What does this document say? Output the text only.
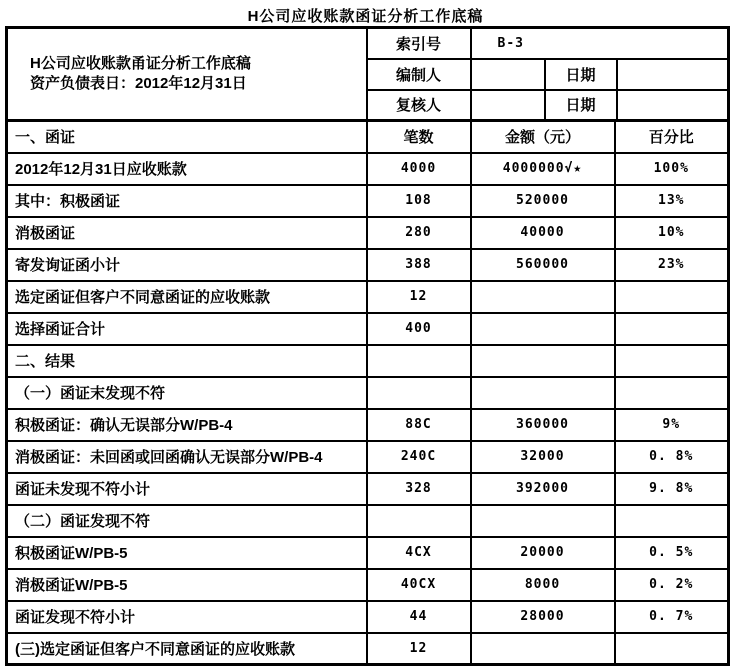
H公司应收账款函证分析工作底稿
H公司应收账款甬证分析工作底稿
资产负债表日：2012年12月31日	索引号	B-3		
	编制人		日期	
	复核人		日期	
一、函证	笔数	金额（元）	百分比
2012年12月31日应收账款	4000	4000000√★	100%
其中：积极函证	108	520000	13%
消极函证	280	40000	10%
寄发询证函小计	388	560000	23%
选定函证但客户不同意函证的应收账款	12		
选择函证合计	400		
二、结果			
（一）函证末发现不符			
积极函证：确认无误部分W/PB-4	88C	360000	9%
消极函证：未回函或回函确认无误部分W/PB-4	240C	32000	0. 8%
函证未发现不符小计	328	392000	9. 8%
（二）函证发现不符			
积极函证W/PB-5	4CX	20000	0. 5%
消极函证W/PB-5	40CX	8000	0. 2%
函证发现不符小计	44	28000	0. 7%
(三)选定函证但客户不同意函证的应收账款	12		
